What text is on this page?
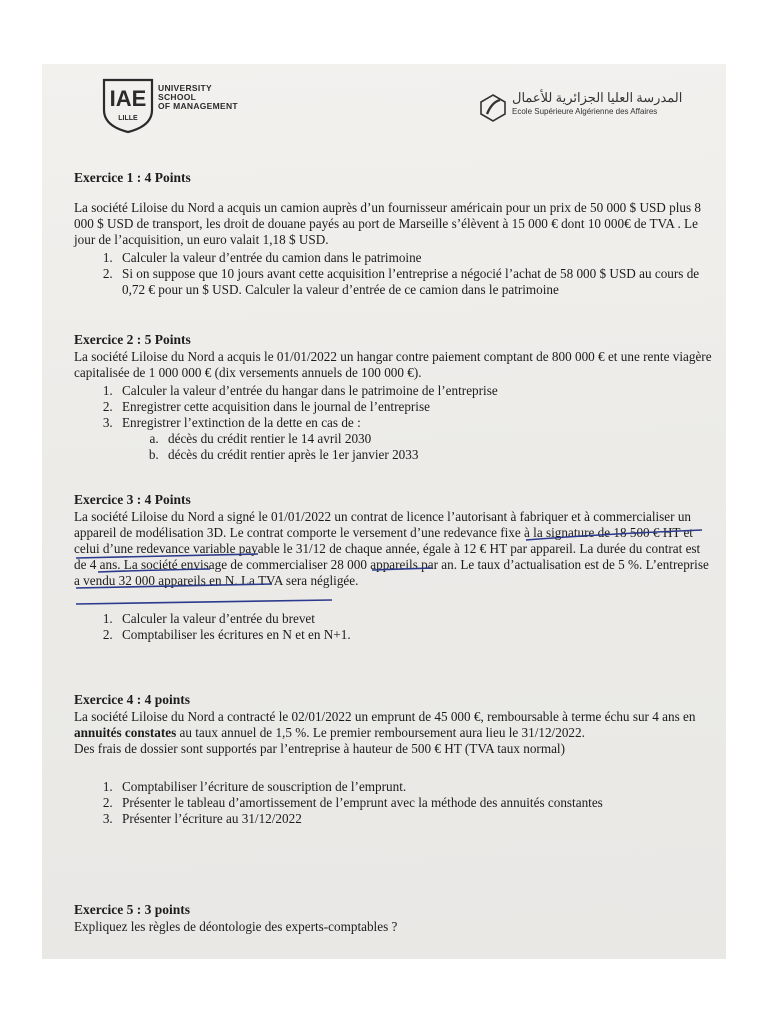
IAE
LILLE
UNIVERSITY
SCHOOL
OF MANAGEMENT
المدرسة العليا الجزائرية للأعمال
Ecole Supérieure Algérienne des Affaires

Exercice 1 : 4 Points

La société Liloise du Nord a acquis un camion auprès d’un fournisseur américain pour un prix de 50 000 $ USD plus 8 000 $ USD de transport, les droit de douane payés au port de Marseille s’élèvent à 15 000 € dont 10 000€ de TVA . Le jour de l’acquisition, un euro valait 1,18 $ USD.

1. Calculer la valeur d’entrée du camion dans le patrimoine
2. Si on suppose que 10 jours avant cette acquisition l’entreprise a négocié l’achat de 58 000 $ USD au cours de 0,72 € pour un $ USD. Calculer la valeur d’entrée de ce camion dans le patrimoine

Exercice 2 : 5 Points

La société Liloise du Nord a acquis le 01/01/2022 un hangar contre paiement comptant de 800 000 € et une rente viagère capitalisée de 1 000 000 € (dix versements annuels de 100 000 €).

1. Calculer la valeur d’entrée du hangar dans le patrimoine de l’entreprise
2. Enregistrer cette acquisition dans le journal de l’entreprise
3. Enregistrer l’extinction de la dette en cas de :
a. décès du crédit rentier le 14 avril 2030
b. décès du crédit rentier après le 1er janvier 2033

Exercice 3 : 4 Points

La société Liloise du Nord a signé le 01/01/2022 un contrat de licence l’autorisant à fabriquer et à commercialiser un appareil de modélisation 3D. Le contrat comporte le versement d’une redevance fixe à la signature de 18 500 € HT et celui d’une redevance variable payable le 31/12 de chaque année, égale à 12 € HT par appareil. La durée du contrat est de 4 ans. La société envisage de commercialiser 28 000 appareils par an. Le taux d’actualisation est de 5 %. L’entreprise a vendu 32 000 appareils en N. La TVA sera négligée.

1. Calculer la valeur d’entrée du brevet
2. Comptabiliser les écritures en N et en N+1.

Exercice 4 : 4 points

La société Liloise du Nord a contracté le 02/01/2022 un emprunt de 45 000 €, remboursable à terme échu sur 4 ans en annuités constates au taux annuel de 1,5 %. Le premier remboursement aura lieu le 31/12/2022.

Des frais de dossier sont supportés par l’entreprise à hauteur de 500 € HT (TVA taux normal)

1. Comptabiliser l’écriture de souscription de l’emprunt.
2. Présenter le tableau d’amortissement de l’emprunt avec la méthode des annuités constantes
3. Présenter l’écriture au 31/12/2022

Exercice 5 : 3 points

Expliquez les règles de déontologie des experts-comptables ?
